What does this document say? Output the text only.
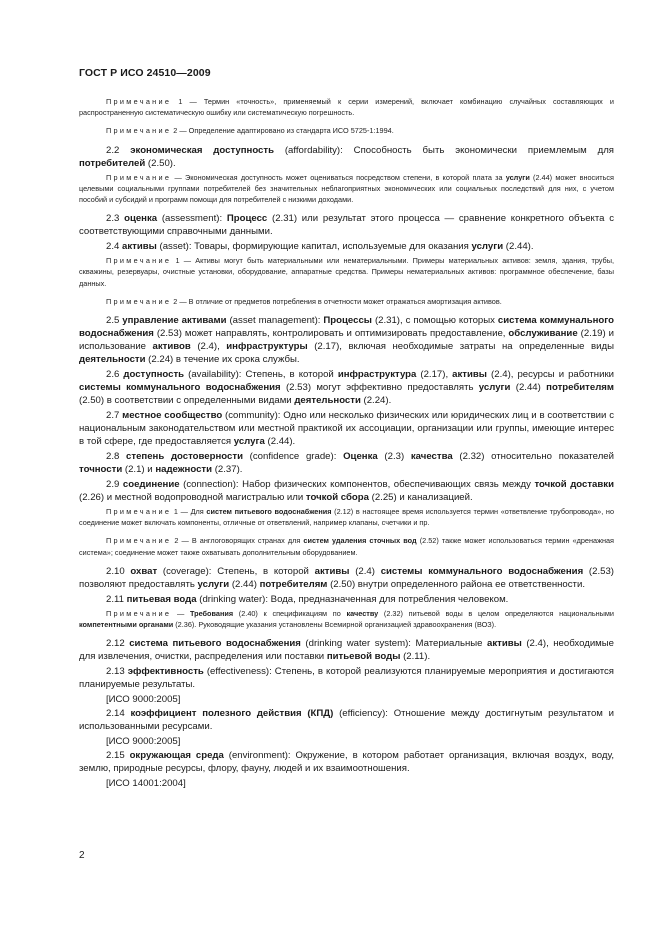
ГОСТ Р ИСО 24510—2009

Примечание 1 — Термин «точность», применяемый к серии измерений, включает комбинацию случайных составляющих и распространенную систематическую ошибку или систематическую погрешность.

Примечание 2 — Определение адаптировано из стандарта ИСО 5725-1:1994.

2.2 экономическая доступность (affordability): Способность быть экономически приемлемым для потребителей (2.50).

Примечание — Экономическая доступность может оцениваться посредством степени, в которой плата за услуги (2.44) может вноситься целевыми социальными группами потребителей без значительных неблагоприятных экономических или социальных последствий для них, с учетом пособий и субсидий и программ помощи для потребителей с низкими доходами.

2.3 оценка (assessment): Процесс (2.31) или результат этого процесса — сравнение конкретного объекта с соответствующими справочными данными.

2.4 активы (asset): Товары, формирующие капитал, используемые для оказания услуги (2.44).

Примечание 1 — Активы могут быть материальными или нематериальными. Примеры материальных активов: земля, здания, трубы, скважины, резервуары, очистные установки, оборудование, аппаратные средства. Примеры нематериальных активов: программное обеспечение, базы данных.

Примечание 2 — В отличие от предметов потребления в отчетности может отражаться амортизация активов.

2.5 управление активами (asset management): Процессы (2.31), с помощью которых система коммунального водоснабжения (2.53) может направлять, контролировать и оптимизировать предоставление, обслуживание (2.19) и использование активов (2.4), инфраструктуры (2.17), включая необходимые затраты на определенные виды деятельности (2.24) в течение их срока службы.

2.6 доступность (availability): Степень, в которой инфраструктура (2.17), активы (2.4), ресурсы и работники системы коммунального водоснабжения (2.53) могут эффективно предоставлять услуги (2.44) потребителям (2.50) в соответствии с определенными видами деятельности (2.24).

2.7 местное сообщество (community): Одно или несколько физических или юридических лиц и в соответствии с национальным законодательством или местной практикой их ассоциации, организации или группы, имеющие интерес в той сфере, где предоставляется услуга (2.44).

2.8 степень достоверности (confidence grade): Оценка (2.3) качества (2.32) относительно показателей точности (2.1) и надежности (2.37).

2.9 соединение (connection): Набор физических компонентов, обеспечивающих связь между точкой доставки (2.26) и местной водопроводной магистралью или точкой сбора (2.25) и канализацией.

Примечание 1 — Для систем питьевого водоснабжения (2.12) в настоящее время используется термин «ответвление трубопровода», но соединение может включать компоненты, отличные от ответвлений, например клапаны, счетчики и пр.

Примечание 2 — В англоговорящих странах для систем удаления сточных вод (2.52) также может использоваться термин «дренажная система»; соединение может также охватывать дополнительным оборудованием.

2.10 охват (coverage): Степень, в которой активы (2.4) системы коммунального водоснабжения (2.53) позволяют предоставлять услуги (2.44) потребителям (2.50) внутри определенного района ее ответственности.

2.11 питьевая вода (drinking water): Вода, предназначенная для потребления человеком.

Примечание — Требования (2.40) к спецификациям по качеству (2.32) питьевой воды в целом определяются национальными компетентными органами (2.36). Руководящие указания установлены Всемирной организацией здравоохранения (ВОЗ).

2.12 система питьевого водоснабжения (drinking water system): Материальные активы (2.4), необходимые для извлечения, очистки, распределения или поставки питьевой воды (2.11).

2.13 эффективность (effectiveness): Степень, в которой реализуются планируемые мероприятия и достигаются планируемые результаты.

[ИСО 9000:2005]

2.14 коэффициент полезного действия (КПД) (efficiency): Отношение между достигнутым результатом и использованными ресурсами.

[ИСО 9000:2005]

2.15 окружающая среда (environment): Окружение, в котором работает организация, включая воздух, воду, землю, природные ресурсы, флору, фауну, людей и их взаимоотношения.

[ИСО 14001:2004]

2
